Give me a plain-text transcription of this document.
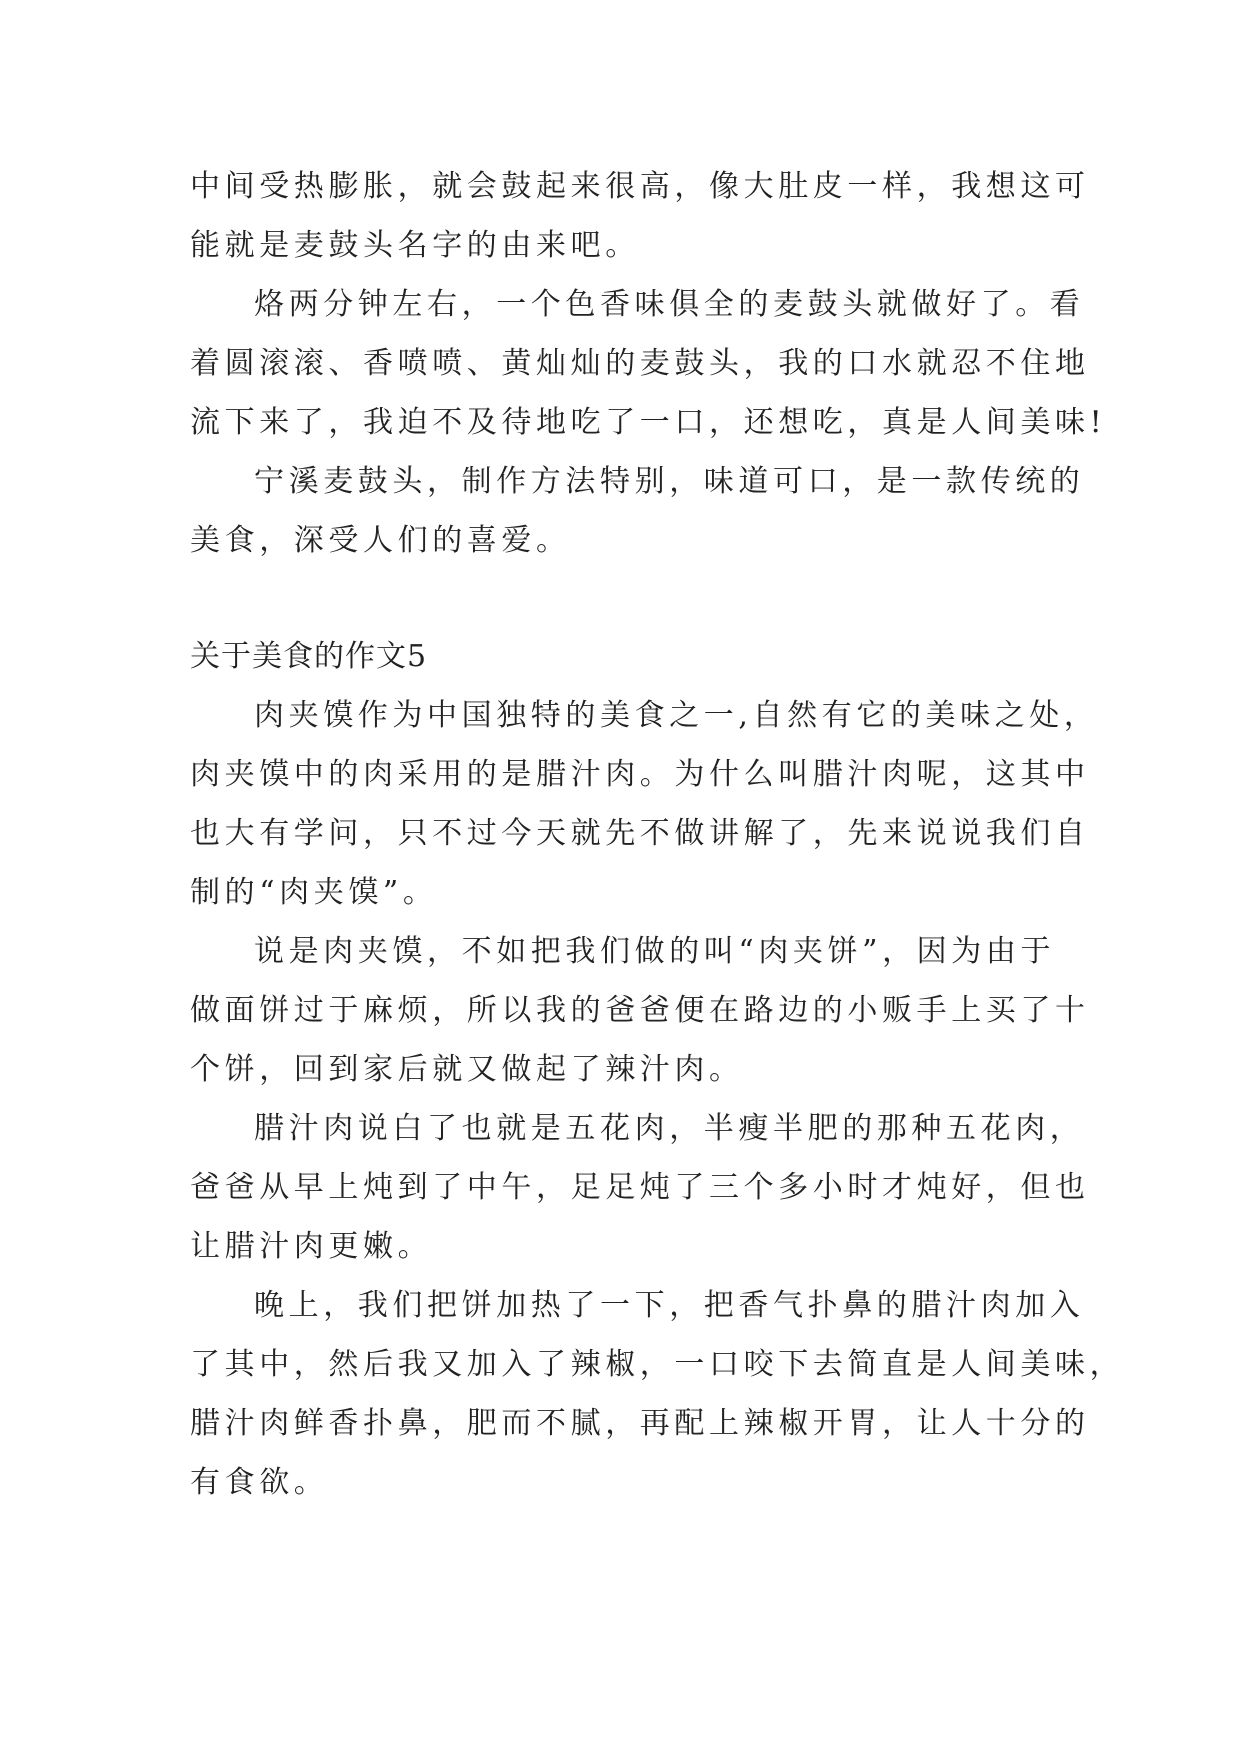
中间受热膨胀，就会鼓起来很高，像大肚皮一样，我想这可
能就是麦鼓头名字的由来吧。
烙两分钟左右，一个色香味俱全的麦鼓头就做好了。看
着圆滚滚、香喷喷、黄灿灿的麦鼓头，我的口水就忍不住地
流下来了，我迫不及待地吃了一口，还想吃，真是人间美味!
宁溪麦鼓头，制作方法特别，味道可口，是一款传统的
美食，深受人们的喜爱。
关于美食的作文5
肉夹馍作为中国独特的美食之一,自然有它的美味之处，
肉夹馍中的肉采用的是腊汁肉。为什么叫腊汁肉呢，这其中
也大有学问，只不过今天就先不做讲解了，先来说说我们自
制的“肉夹馍”。
说是肉夹馍，不如把我们做的叫“肉夹饼”，因为由于
做面饼过于麻烦，所以我的爸爸便在路边的小贩手上买了十
个饼，回到家后就又做起了辣汁肉。
腊汁肉说白了也就是五花肉，半瘦半肥的那种五花肉，
爸爸从早上炖到了中午，足足炖了三个多小时才炖好，但也
让腊汁肉更嫩。
晚上，我们把饼加热了一下，把香气扑鼻的腊汁肉加入
了其中，然后我又加入了辣椒，一口咬下去简直是人间美味，
腊汁肉鲜香扑鼻，肥而不腻，再配上辣椒开胃，让人十分的
有食欲。
